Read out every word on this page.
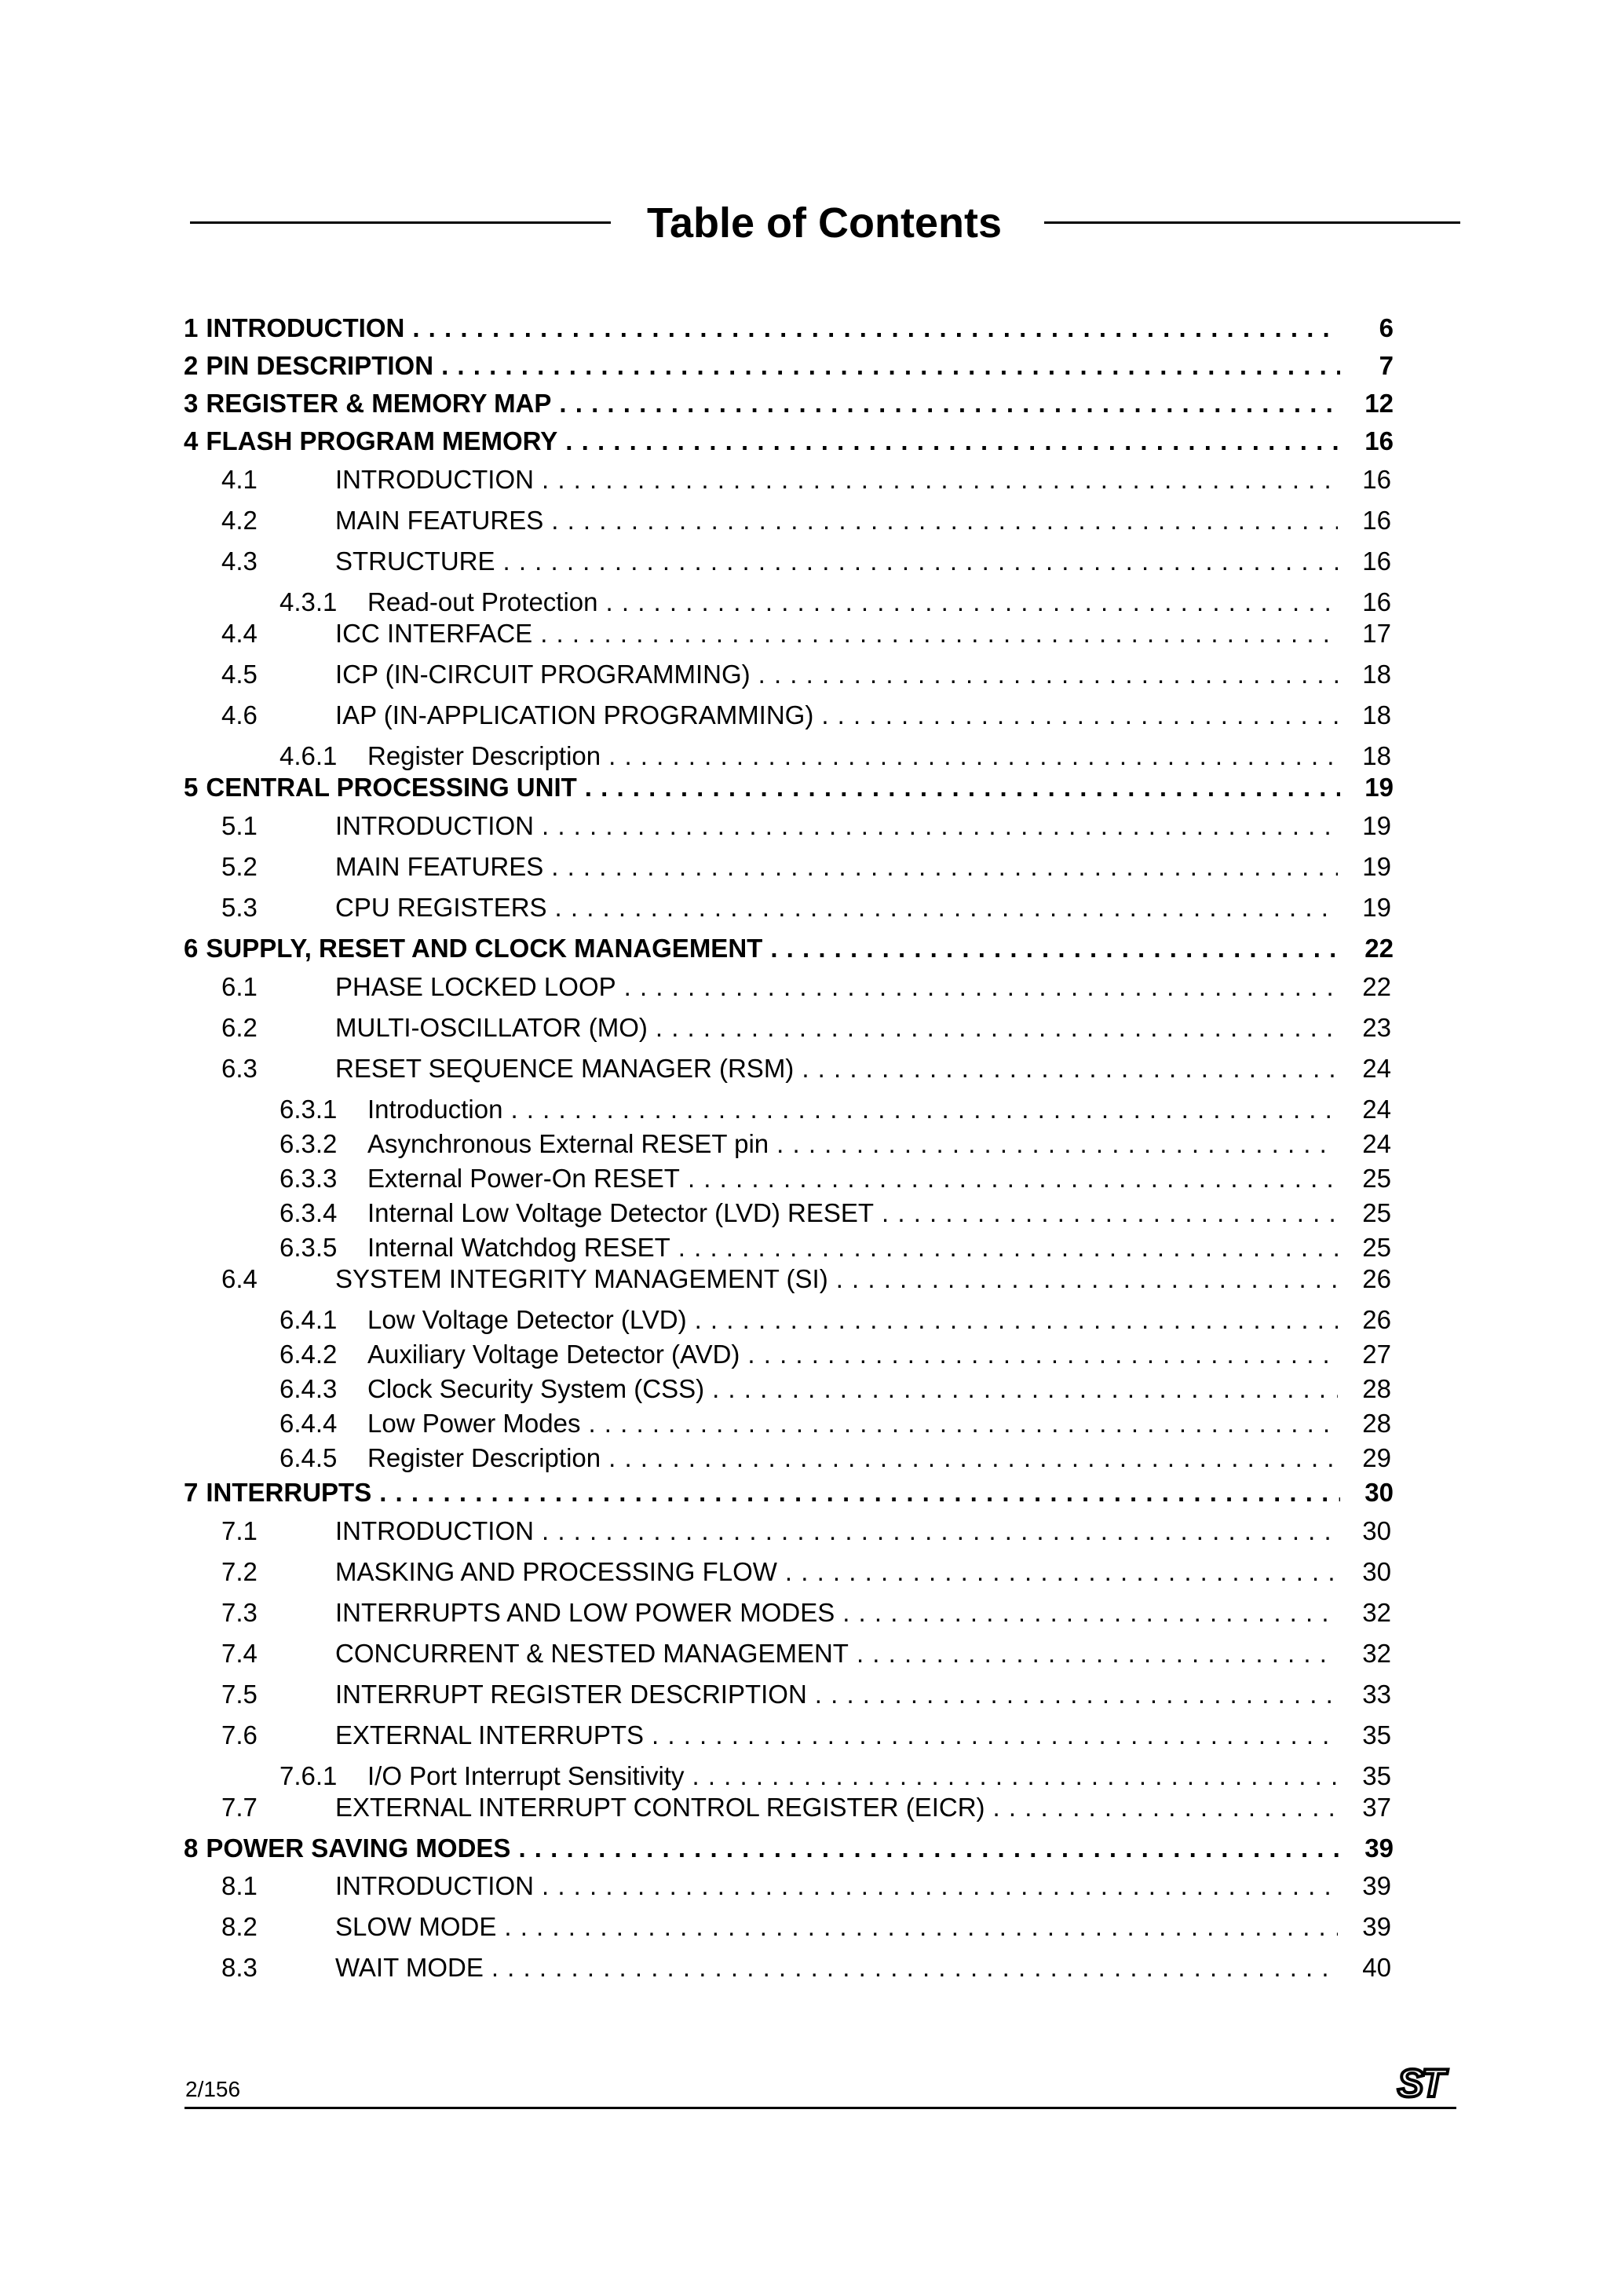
Table of Contents
1 INTRODUCTION . . .	6
2 PIN DESCRIPTION . . .	7
3 REGISTER & MEMORY MAP . . .	12
4 FLASH PROGRAM MEMORY . . .	16
4.1	INTRODUCTION . . .	16
4.2	MAIN FEATURES . . .	16
4.3	STRUCTURE . . .	16
4.3.1	Read-out Protection . . .	16
4.4	ICC INTERFACE . . .	17
4.5	ICP (IN-CIRCUIT PROGRAMMING) . . .	18
4.6	IAP (IN-APPLICATION PROGRAMMING) . . .	18
4.6.1	Register Description . . .	18
5 CENTRAL PROCESSING UNIT . . .	19
5.1	INTRODUCTION . . .	19
5.2	MAIN FEATURES . . .	19
5.3	CPU REGISTERS . . .	19
6 SUPPLY, RESET AND CLOCK MANAGEMENT . . .	22
6.1	PHASE LOCKED LOOP . . .	22
6.2	MULTI-OSCILLATOR (MO) . . .	23
6.3	RESET SEQUENCE MANAGER (RSM) . . .	24
6.3.1	Introduction . . .	24
6.3.2	Asynchronous External RESET pin . . .	24
6.3.3	External Power-On RESET . . .	25
6.3.4	Internal Low Voltage Detector (LVD) RESET . . .	25
6.3.5	Internal Watchdog RESET . . .	25
6.4	SYSTEM INTEGRITY MANAGEMENT (SI) . . .	26
6.4.1	Low Voltage Detector (LVD) . . .	26
6.4.2	Auxiliary Voltage Detector (AVD) . . .	27
6.4.3	Clock Security System (CSS) . . .	28
6.4.4	Low Power Modes . . .	28
6.4.5	Register Description . . .	29
7 INTERRUPTS . . .	30
7.1	INTRODUCTION . . .	30
7.2	MASKING AND PROCESSING FLOW . . .	30
7.3	INTERRUPTS AND LOW POWER MODES . . .	32
7.4	CONCURRENT & NESTED MANAGEMENT . . .	32
7.5	INTERRUPT REGISTER DESCRIPTION . . .	33
7.6	EXTERNAL INTERRUPTS . . .	35
7.6.1	I/O Port Interrupt Sensitivity . . .	35
7.7	EXTERNAL INTERRUPT CONTROL REGISTER (EICR) . . .	37
8 POWER SAVING MODES . . .	39
8.1	INTRODUCTION . . .	39
8.2	SLOW MODE . . .	39
8.3	WAIT MODE . . .	40
2/156	ST
